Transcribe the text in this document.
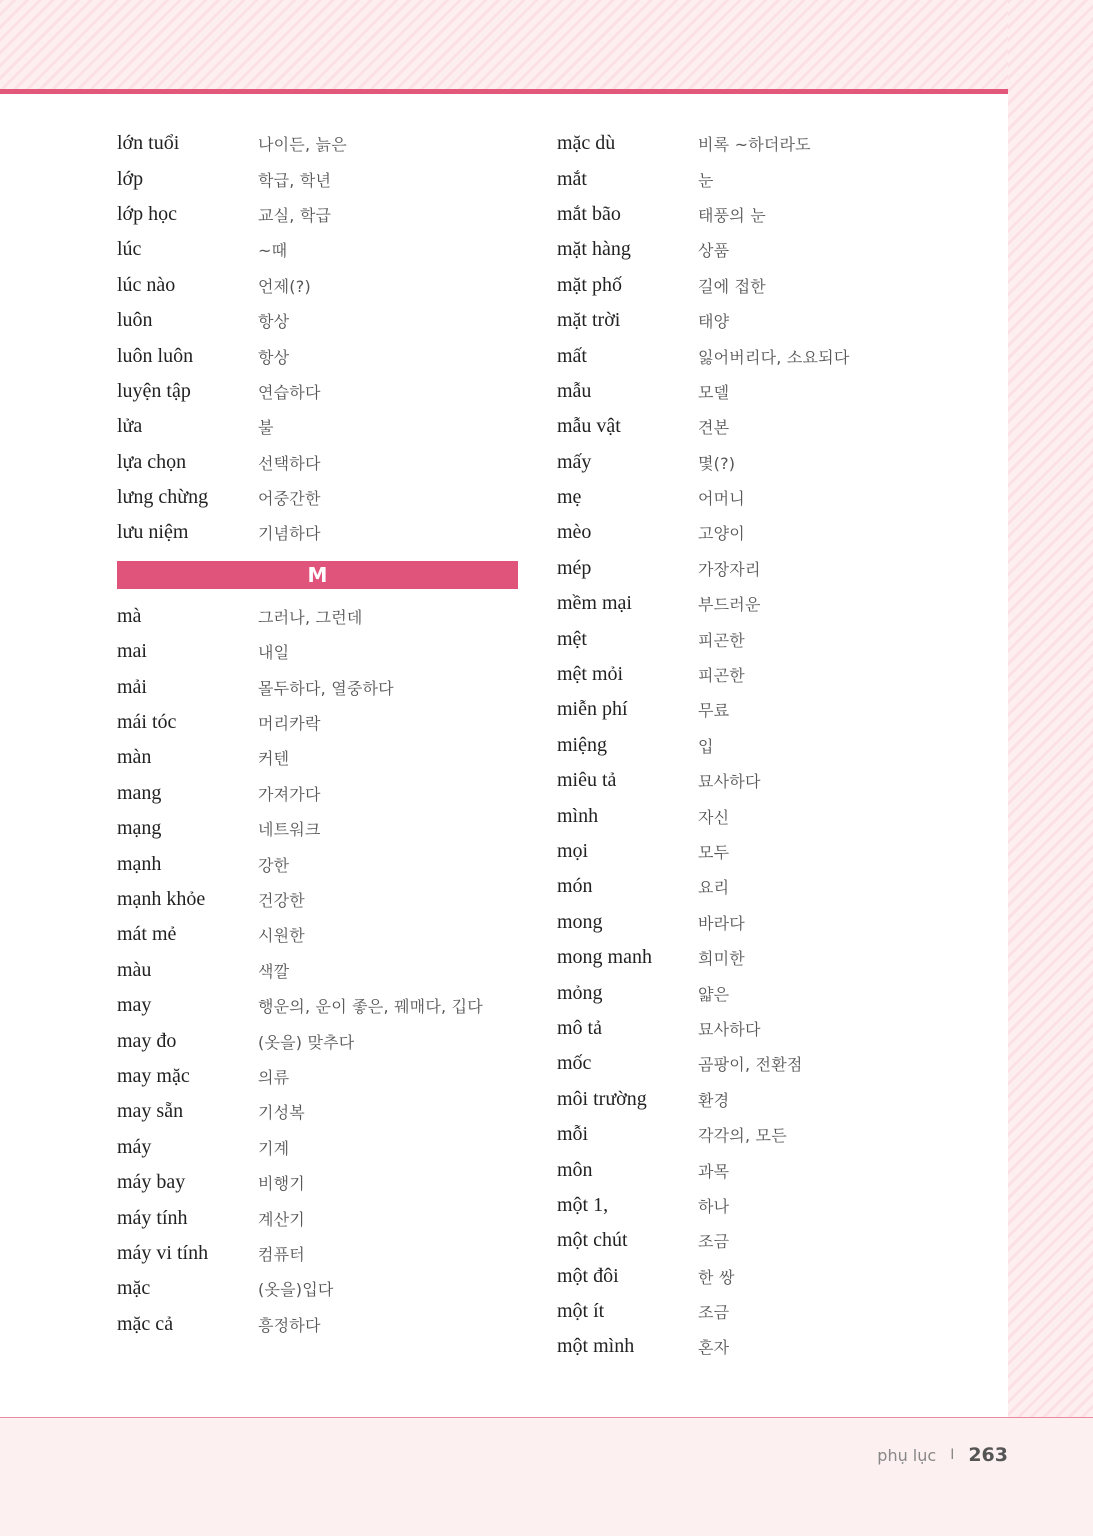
lớn tuổi	나이든, 늙은
lớp	학급, 학년
lớp học	교실, 학급
lúc	~때
lúc nào	언제(?)
luôn	항상
luôn luôn	항상
luyện tập	연습하다
lửa	불
lựa chọn	선택하다
lưng chừng	어중간한
lưu niệm	기념하다
M
mà	그러나, 그런데
mai	내일
mải	몰두하다, 열중하다
mái tóc	머리카락
màn	커텐
mang	가져가다
mạng	네트워크
mạnh	강한
mạnh khỏe	건강한
mát mẻ	시원한
màu	색깔
may	행운의, 운이 좋은, 꿰매다, 깁다
may đo	(옷을) 맞추다
may mặc	의류
may sẵn	기성복
máy	기계
máy bay	비행기
máy tính	계산기
máy vi tính	컴퓨터
mặc	(옷을)입다
mặc cả	흥정하다
mặc dù	비록 ~하더라도
mắt	눈
mắt bão	태풍의 눈
mặt hàng	상품
mặt phố	길에 접한
mặt trời	태양
mất	잃어버리다, 소요되다
mẫu	모델
mẫu vật	견본
mấy	몇(?)
mẹ	어머니
mèo	고양이
mép	가장자리
mềm mại	부드러운
mệt	피곤한
mệt mỏi	피곤한
miễn phí	무료
miệng	입
miêu tả	묘사하다
mình	자신
mọi	모두
món	요리
mong	바라다
mong manh	희미한
mỏng	얇은
mô tả	묘사하다
mốc	곰팡이, 전환점
môi trường	환경
mỗi	각각의, 모든
môn	과목
một 1,	하나
một chút	조금
một đôi	한 쌍
một ít	조금
một mình	혼자
phụ lục I 263
